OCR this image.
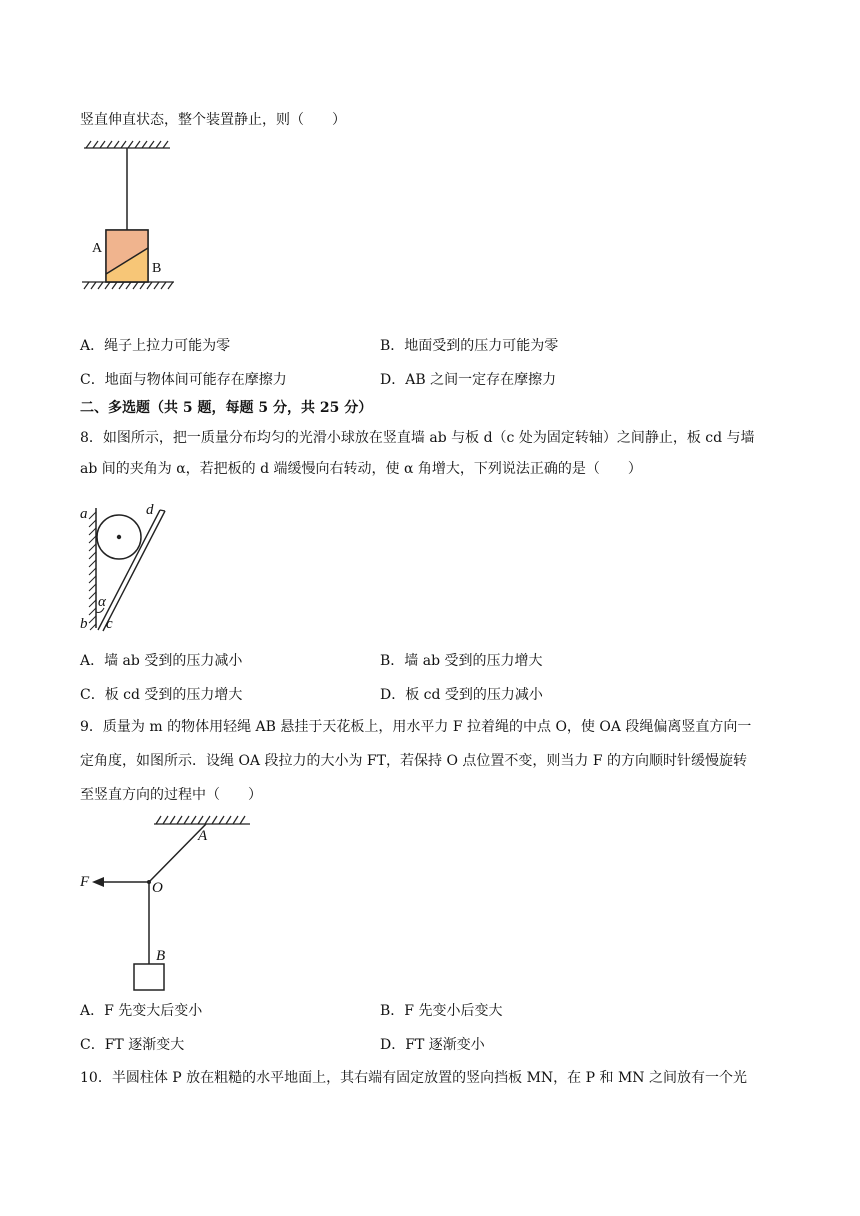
竖直伸直状态，整个装置静止，则（　　）
A
B
A．绳子上拉力可能为零	B．地面受到的压力可能为零
C．地面与物体间可能存在摩擦力	D．AB 之间一定存在摩擦力
二、多选题（共 5 题，每题 5 分，共 25 分）
8．如图所示，把一质量分布均匀的光滑小球放在竖直墙 ab 与板 d（c 处为固定转轴）之间静止，板 cd 与墙
ab 间的夹角为 α，若把板的 d 端缓慢向右转动，使 α 角增大，下列说法正确的是（　　）
a	d
α
b c
A．墙 ab 受到的压力减小	B．墙 ab 受到的压力增大
C．板 cd 受到的压力增大	D．板 cd 受到的压力减小
9．质量为 m 的物体用轻绳 AB 悬挂于天花板上，用水平力 F 拉着绳的中点 O，使 OA 段绳偏离竖直方向一
定角度，如图所示．设绳 OA 段拉力的大小为 FT，若保持 O 点位置不变，则当力 F 的方向顺时针缓慢旋转
至竖直方向的过程中（　　）
A
F	O
B
A．F 先变大后变小	B．F 先变小后变大
C．FT 逐渐变大	D．FT 逐渐变小
10．半圆柱体 P 放在粗糙的水平地面上，其右端有固定放置的竖向挡板 MN，在 P 和 MN 之间放有一个光
